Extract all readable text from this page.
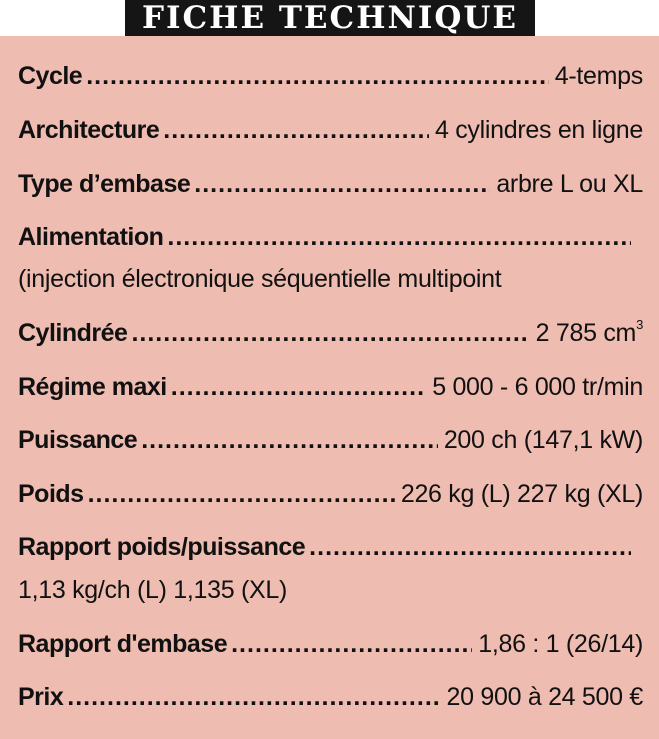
FICHE TECHNIQUE
Cycle .....	4-temps
Architecture .....	4 cylindres en ligne
Type d’embase .....	arbre L ou XL
Alimentation
.....
(injection électronique séquentielle multipoint
Cylindrée .....	2 785 $cm^3$
Régime maxi .....	5 000 - 6 000 tr/min
Puissance .....	200 ch (147,1 kW)
Poids .....	226 kg (L) 227 kg (XL)
Rapport poids/puissance
.....
1,13 kg/ch (L) 1,135 (XL)
Rapport d'embase .....	1,86 : 1 (26/14)
Prix .....	20 900 à 24 500 €
